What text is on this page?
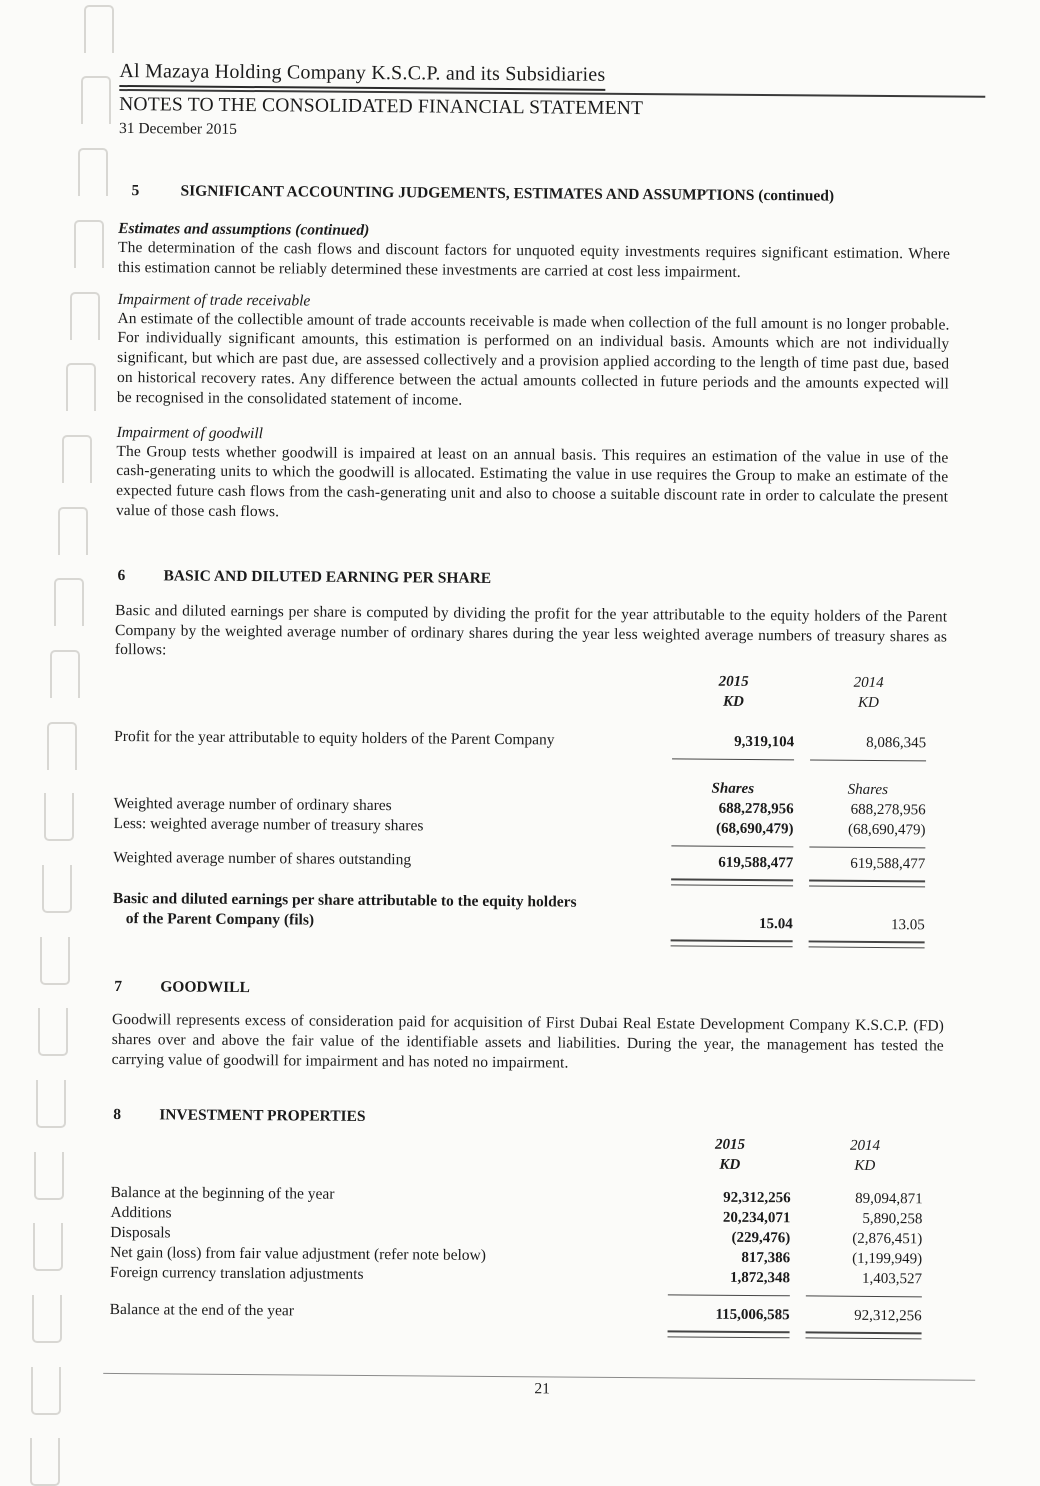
Al Mazaya Holding Company K.S.C.P. and its Subsidiaries
NOTES TO THE CONSOLIDATED FINANCIAL STATEMENT
31 December 2015
5	SIGNIFICANT ACCOUNTING JUDGEMENTS, ESTIMATES AND ASSUMPTIONS (continued)
Estimates and assumptions (continued)

The determination of the cash flows and discount factors for unquoted equity investments requires significant estimation. Where this estimation cannot be reliably determined these investments are carried at cost less impairment.

Impairment of trade receivable

An estimate of the collectible amount of trade accounts receivable is made when collection of the full amount is no longer probable. For individually significant amounts, this estimation is performed on an individual basis. Amounts which are not individually significant, but which are past due, are assessed collectively and a provision applied according to the length of time past due, based on historical recovery rates. Any difference between the actual amounts collected in future periods and the amounts expected will be recognised in the consolidated statement of income.

Impairment of goodwill

The Group tests whether goodwill is impaired at least on an annual basis. This requires an estimation of the value in use of the cash-generating units to which the goodwill is allocated. Estimating the value in use requires the Group to make an estimate of the expected future cash flows from the cash-generating unit and also to choose a suitable discount rate in order to calculate the present value of those cash flows.

6	BASIC AND DILUTED EARNING PER SHARE

Basic and diluted earnings per share is computed by dividing the profit for the year attributable to the equity holders of the Parent Company by the weighted average number of ordinary shares during the year less weighted average numbers of treasury shares as follows:

2015
KD
2014
KD
Profit for the year attributable to equity holders of the Parent Company	9,319,104	8,086,345
Shares	Shares
Weighted average number of ordinary shares	688,278,956	688,278,956
Less: weighted average number of treasury shares	(68,690,479)	(68,690,479)
Weighted average number of shares outstanding	619,588,477	619,588,477
Basic and diluted earnings per share attributable to the equity holders
of the Parent Company (fils)	15.04	13.05
7	GOODWILL

Goodwill represents excess of consideration paid for acquisition of First Dubai Real Estate Development Company K.S.C.P. (FD) shares over and above the fair value of the identifiable assets and liabilities. During the year, the management has tested the carrying value of goodwill for impairment and has noted no impairment.

8	INVESTMENT PROPERTIES
2015
KD
2014
KD
Balance at the beginning of the year	92,312,256	89,094,871
Additions	20,234,071	5,890,258
Disposals	(229,476)	(2,876,451)
Net gain (loss) from fair value adjustment (refer note below)	817,386	(1,199,949)
Foreign currency translation adjustments	1,872,348	1,403,527
Balance at the end of the year	115,006,585	92,312,256
21
